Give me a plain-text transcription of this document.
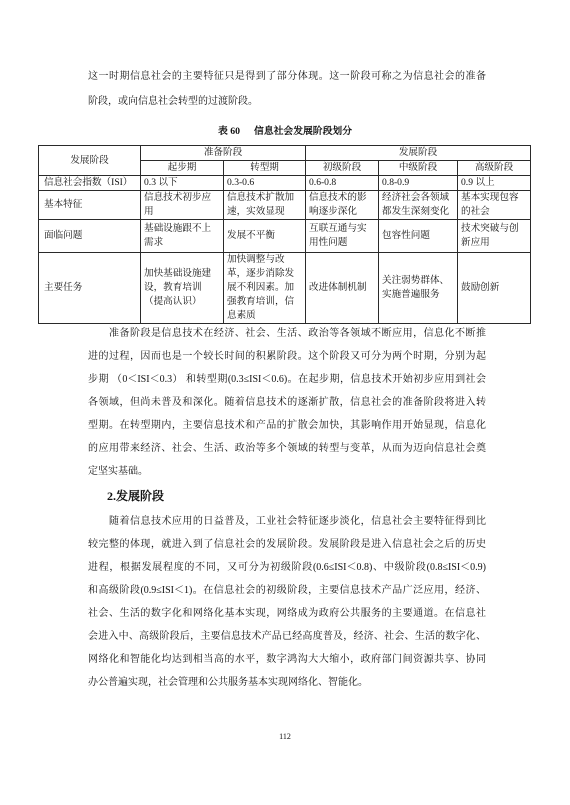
这一时期信息社会的主要特征只是得到了部分体现。这一阶段可称之为信息社会的准备
阶段，或向信息社会转型的过渡阶段。
表 60 信息社会发展阶段划分
发展阶段	准备阶段		发展阶段		
	起步期	转型期	初级阶段	中级阶段	高级阶段
信息社会指数（ISI）	0.3 以下	0.3-0.6	0.6-0.8	0.8-0.9	0.9 以上
基本特征	信息技术初步应用	信息技术扩散加速，实效显现	信息技术的影响逐步深化	经济社会各领域都发生深刻变化	基本实现包容的社会
面临问题	基础设施跟不上需求	发展不平衡	互联互通与实用性问题	包容性问题	技术突破与创新应用
主要任务	加快基础设施建设，教育培训（提高认识）	加快调整与改革，逐步消除发展不利因素。加强教育培训，信息素质	改进体制机制	关注弱势群体、实施普遍服务	鼓励创新
准备阶段是信息技术在经济、社会、生活、政治等各领域不断应用，信息化不断推
进的过程，因而也是一个较长时间的积累阶段。这个阶段又可分为两个时期，分别为起
步期 （0＜ISI＜0.3） 和转型期(0.3≤ISI＜0.6)。在起步期，信息技术开始初步应用到社会
各领域，但尚未普及和深化。随着信息技术的逐渐扩散，信息社会的准备阶段将进入转
型期。在转型期内，主要信息技术和产品的扩散会加快，其影响作用开始显现，信息化
的应用带来经济、社会、生活、政治等多个领域的转型与变革，从而为迈向信息社会奠
定坚实基础。
2.发展阶段
随着信息技术应用的日益普及，工业社会特征逐步淡化，信息社会主要特征得到比
较完整的体现，就进入到了信息社会的发展阶段。发展阶段是进入信息社会之后的历史
进程，根据发展程度的不同，又可分为初级阶段(0.6≤ISI＜0.8)、中级阶段(0.8≤ISI＜0.9)
和高级阶段(0.9≤ISI＜1)。在信息社会的初级阶段，主要信息技术产品广泛应用，经济、
社会、生活的数字化和网络化基本实现，网络成为政府公共服务的主要通道。在信息社
会进入中、高级阶段后，主要信息技术产品已经高度普及，经济、社会、生活的数字化、
网络化和智能化均达到相当高的水平，数字鸿沟大大缩小，政府部门间资源共享、协同
办公普遍实现，社会管理和公共服务基本实现网络化、智能化。
112
